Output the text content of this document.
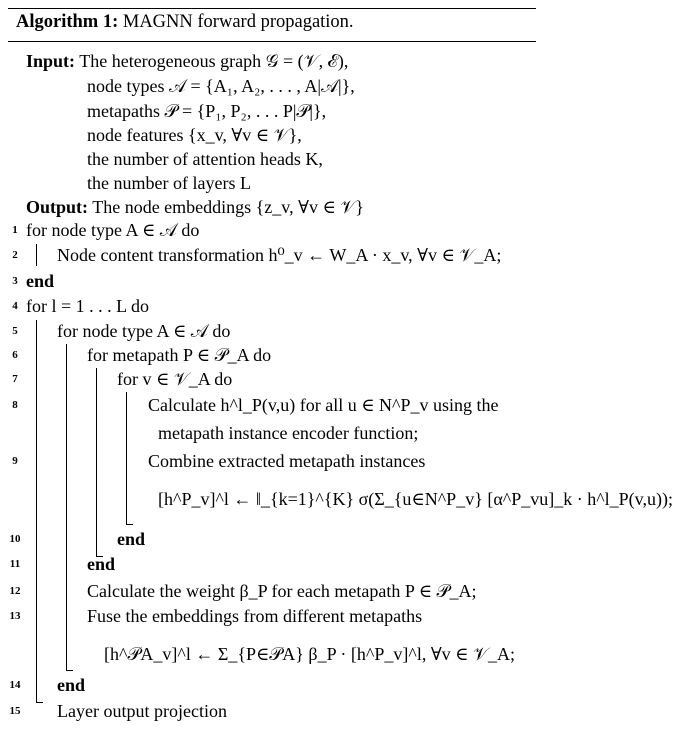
Algorithm 1: MAGNN forward propagation.
Input: The heterogeneous graph 𝒢 = (𝒱, ℰ),
node types 𝒜 = {A₁, A₂, . . . , A|𝒜|},
metapaths 𝒫 = {P₁, P₂, . . . P|𝒫|},
node features {x_v, ∀v ∈ 𝒱},
the number of attention heads K,
the number of layers L
Output: The node embeddings {z_v, ∀v ∈ 𝒱}
1 for node type A ∈ 𝒜 do
2 Node content transformation h⁰_v ← W_A · x_v, ∀v ∈ 𝒱_A;
3 end
4 for l = 1 . . . L do
5 for node type A ∈ 𝒜 do
6	for metapath P ∈ 𝒫_A do
7	for v ∈ 𝒱_A do
8	Calculate h^l_P(v,u) for all u ∈ N^P_v using the
metapath instance encoder function;
9	Combine extracted metapath instances
[h^P_v]^l ← ‖_{k=1}^{K} σ(Σ_{u∈N^P_v} [α^P_vu]_k · h^l_P(v,u));
10	end
11	end
12	Calculate the weight β_P for each metapath P ∈ 𝒫_A;
13	Fuse the embeddings from different metapaths
[h^𝒫A_v]^l ← Σ_{P∈𝒫A} β_P · [h^P_v]^l, ∀v ∈ 𝒱_A;
14 end
15 Layer output projection
